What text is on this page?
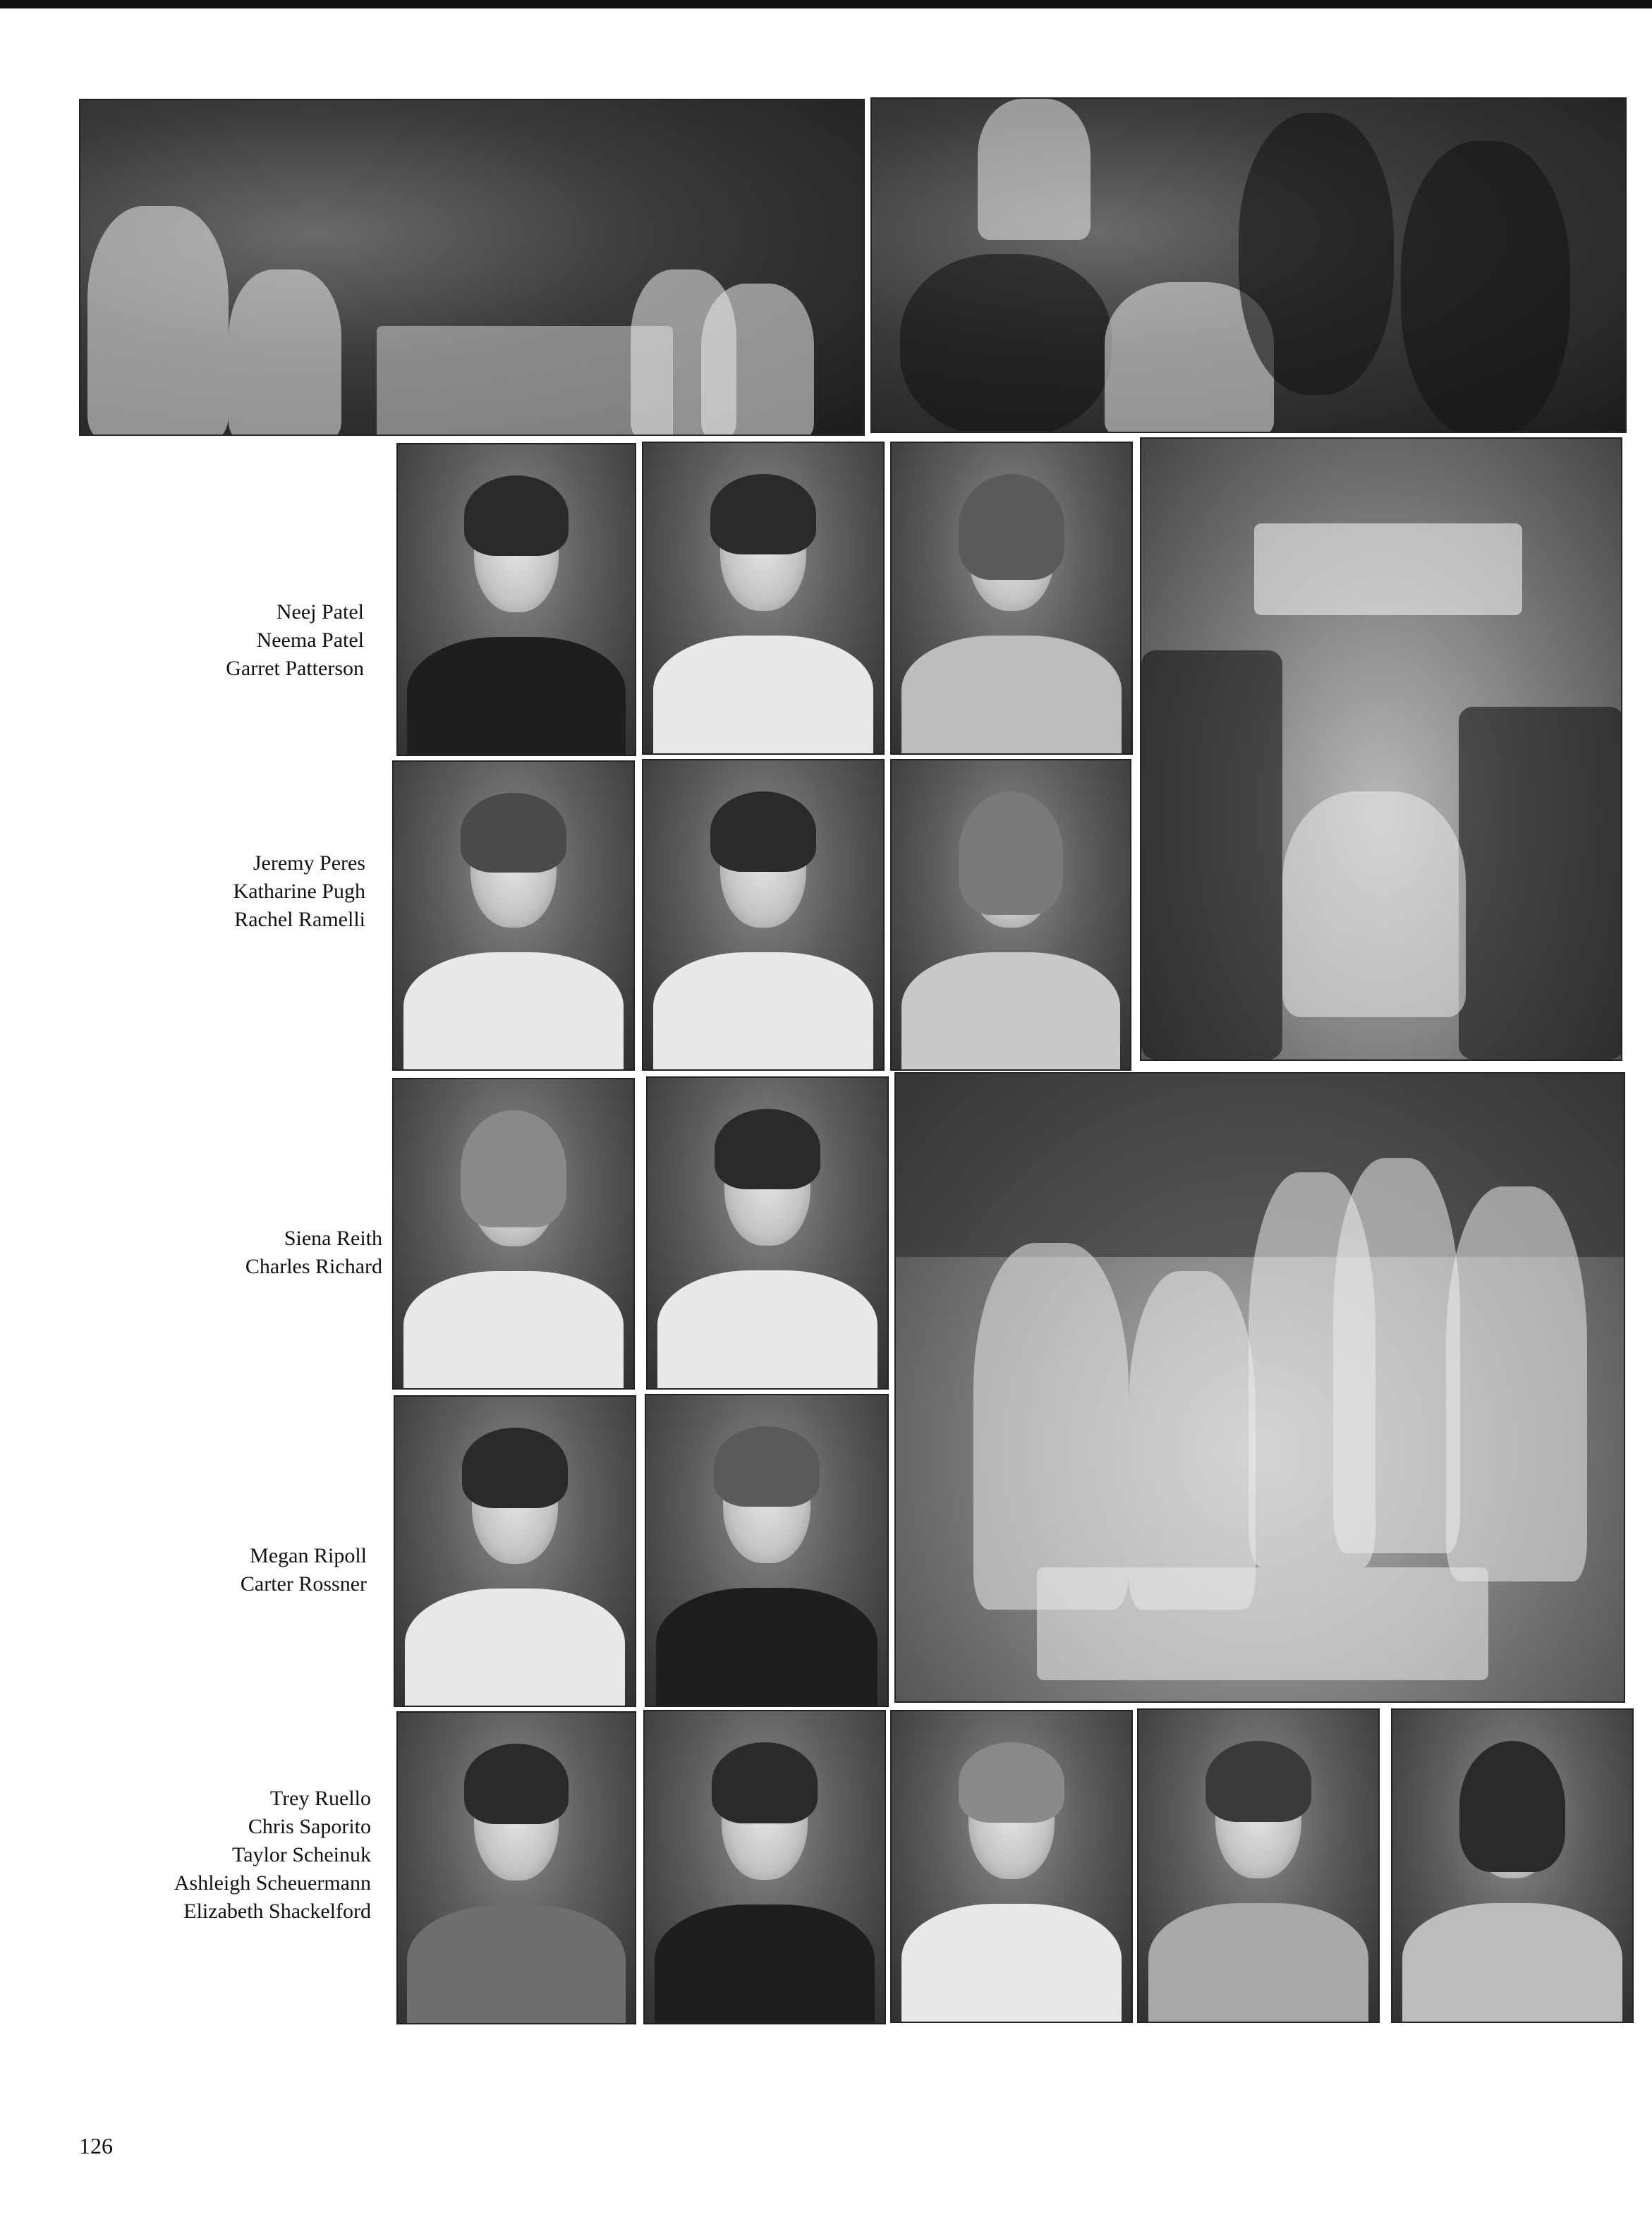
Neej Patel
Neema Patel
Garret Patterson
Jeremy Peres
Katharine Pugh
Rachel Ramelli
Siena Reith
Charles Richard
Megan Ripoll
Carter Rossner
Trey Ruello
Chris Saporito
Taylor Scheinuk
Ashleigh Scheuermann
Elizabeth Shackelford
126
